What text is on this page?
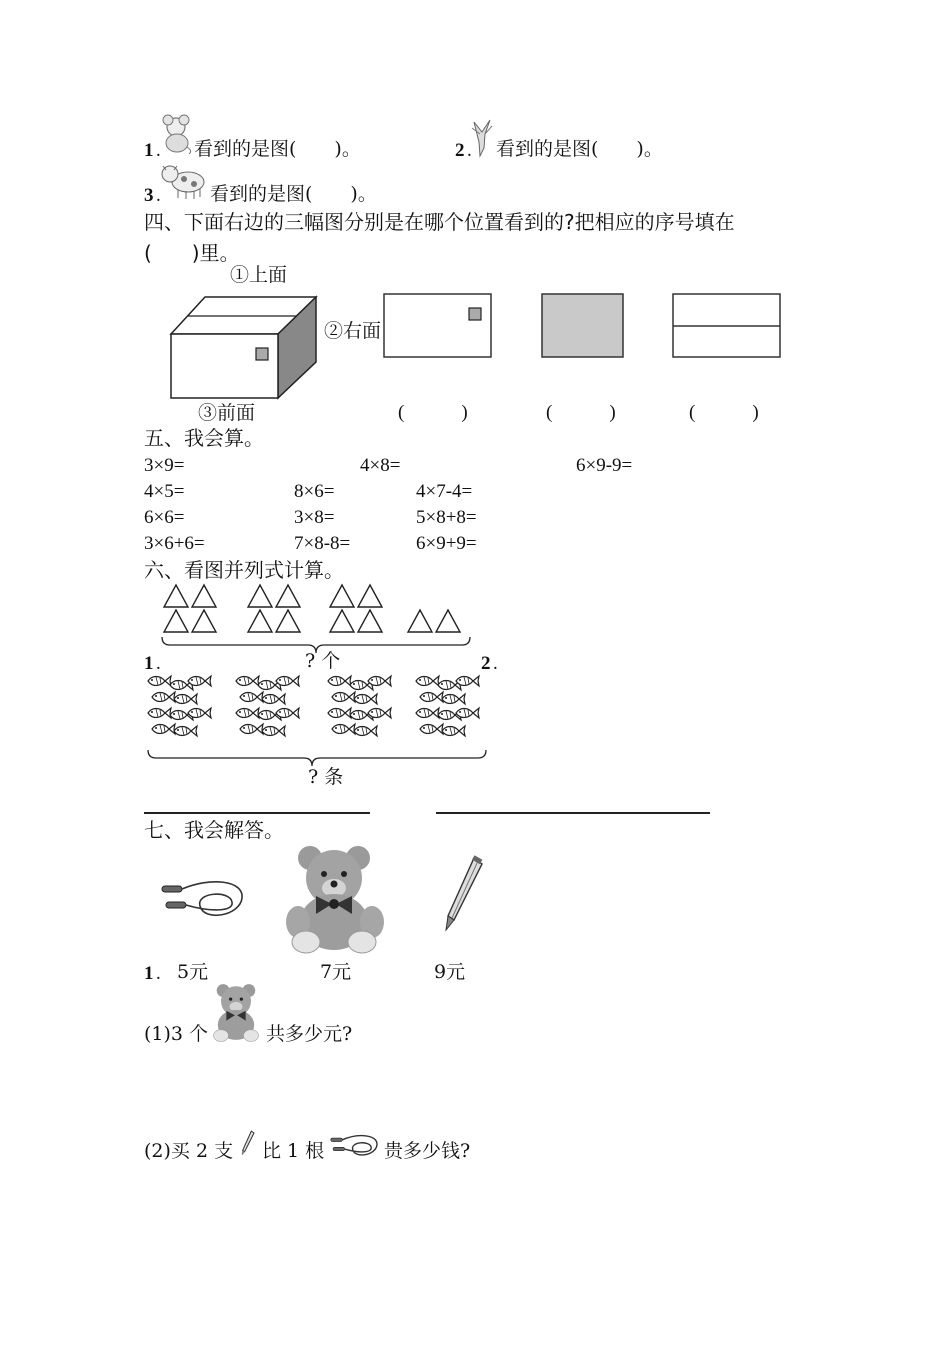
1 . 看到的是图(　　)。	2 . 看到的是图(　　)。
3 .	看到的是图(　　)。
四、下面右边的三幅图分别是在哪个位置看到的?把相应的序号填在
(　　)里。
①上面
②右面
③前面	(　　　)	(　　　)	(　　　)
五、我会算。
3×9=	4×8=	6×9-9=
4×5=	8×6=	4×7-4=
6×6=	3×8=	5×8+8=
3×6+6=	7×8-8=	6×9+9=
六、看图并列式计算。
1 .	? 个	2 .
? 条
七、我会解答。
1 . 5元	7元	9元
(1)3 个	共多少元?
(2)买 2 支 比 1 根	贵多少钱?
